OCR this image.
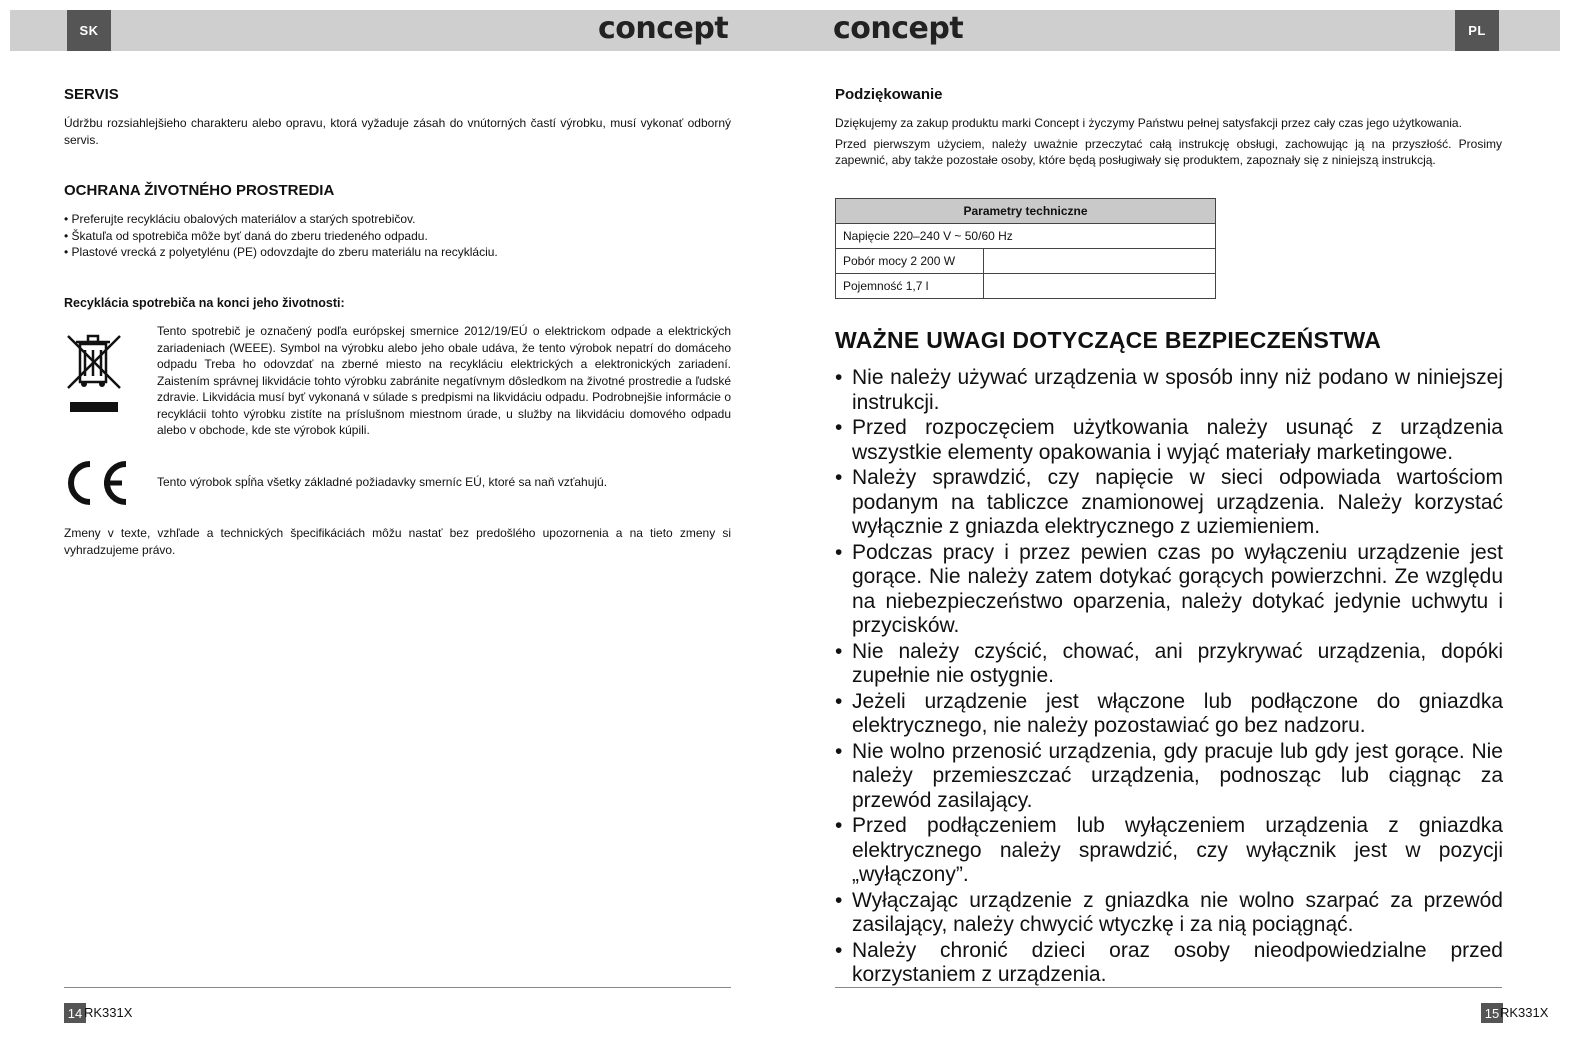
SK	PL
concept	concept
SERVIS

Údržbu rozsiahlejšieho charakteru alebo opravu, ktorá vyžaduje zásah do vnútorných častí výrobku, musí vykonať odborný servis.

OCHRANA ŽIVOTNÉHO PROSTREDIA
• Preferujte recykláciu obalových materiálov a starých spotrebičov.
• Škatuľa od spotrebiča môže byť daná do zberu triedeného odpadu.
• Plastové vrecká z polyetylénu (PE) odovzdajte do zberu materiálu na recykláciu.
Recyklácia spotrebiča na konci jeho životnosti:

Tento spotrebič je označený podľa európskej smernice 2012/19/EÚ o elektrickom odpade a elektrických zariadeniach (WEEE). Symbol na výrobku alebo jeho obale udáva, že tento výrobok nepatrí do domáceho odpadu Treba ho odovzdať na zberné miesto na recykláciu elektrických a elektronických zariadení. Zaistením správnej likvidácie tohto výrobku zabránite negatívnym dôsledkom na životné prostredie a ľudské zdravie. Likvidácia musí byť vykonaná v súlade s predpismi na likvidáciu odpadu. Podrobnejšie informácie o recyklácii tohto výrobku zistíte na príslušnom miestnom úrade, u služby na likvidáciu domového odpadu alebo v obchode, kde ste výrobok kúpili.

Tento výrobok spĺňa všetky základné požiadavky smerníc EÚ, ktoré sa naň vzťahujú.

Zmeny v texte, vzhľade a technických špecifikáciách môžu nastať bez predošlého upozornenia a na tieto zmeny si vyhradzujeme právo.

Podziękowanie

Dziękujemy za zakup produktu marki Concept i życzymy Państwu pełnej satysfakcji przez cały czas jego użytkowania.

Przed pierwszym użyciem, należy uważnie przeczytać całą instrukcję obsługi, zachowując ją na przyszłość. Prosimy zapewnić, aby także pozostałe osoby, które będą posługiwały się produktem, zapoznały się z niniejszą instrukcją.

Parametry techniczne	
Napięcie 220–240 V ~ 50/60 Hz	
Pobór mocy 2 200 W	
Pojemność 1,7 l	
WAŻNE UWAGI DOTYCZĄCE BEZPIECZEŃSTWA
• Nie należy używać urządzenia w sposób inny niż podano w niniejszej instrukcji.
• Przed rozpoczęciem użytkowania należy usunąć z urządzenia wszystkie elementy opakowania i wyjąć materiały marketingowe.
• Należy sprawdzić, czy napięcie w sieci odpowiada wartościom podanym na tabliczce znamionowej urządzenia. Należy korzystać wyłącznie z gniazda elektrycznego z uziemieniem.
• Podczas pracy i przez pewien czas po wyłączeniu urządzenie jest gorące. Nie należy zatem dotykać gorących powierzchni. Ze względu na niebezpieczeństwo oparzenia, należy dotykać jedynie uchwytu i przycisków.
• Nie należy czyścić, chować, ani przykrywać urządzenia, dopóki zupełnie nie ostygnie.
• Jeżeli urządzenie jest włączone lub podłączone do gniazdka elektrycznego, nie należy pozostawiać go bez nadzoru.
• Nie wolno przenosić urządzenia, gdy pracuje lub gdy jest gorące. Nie należy przemieszczać urządzenia, podnosząc lub ciągnąc za przewód zasilający.
• Przed podłączeniem lub wyłączeniem urządzenia z gniazdka elektrycznego należy sprawdzić, czy wyłącznik jest w pozycji „wyłączony”.
• Wyłączając urządzenie z gniazdka nie wolno szarpać za przewód zasilający, należy chwycić wtyczkę i za nią pociągnąć.
• Należy chronić dzieci oraz osoby nieodpowiedzialne przed korzystaniem z urządzenia.
14 RK331X	15 RK331X
